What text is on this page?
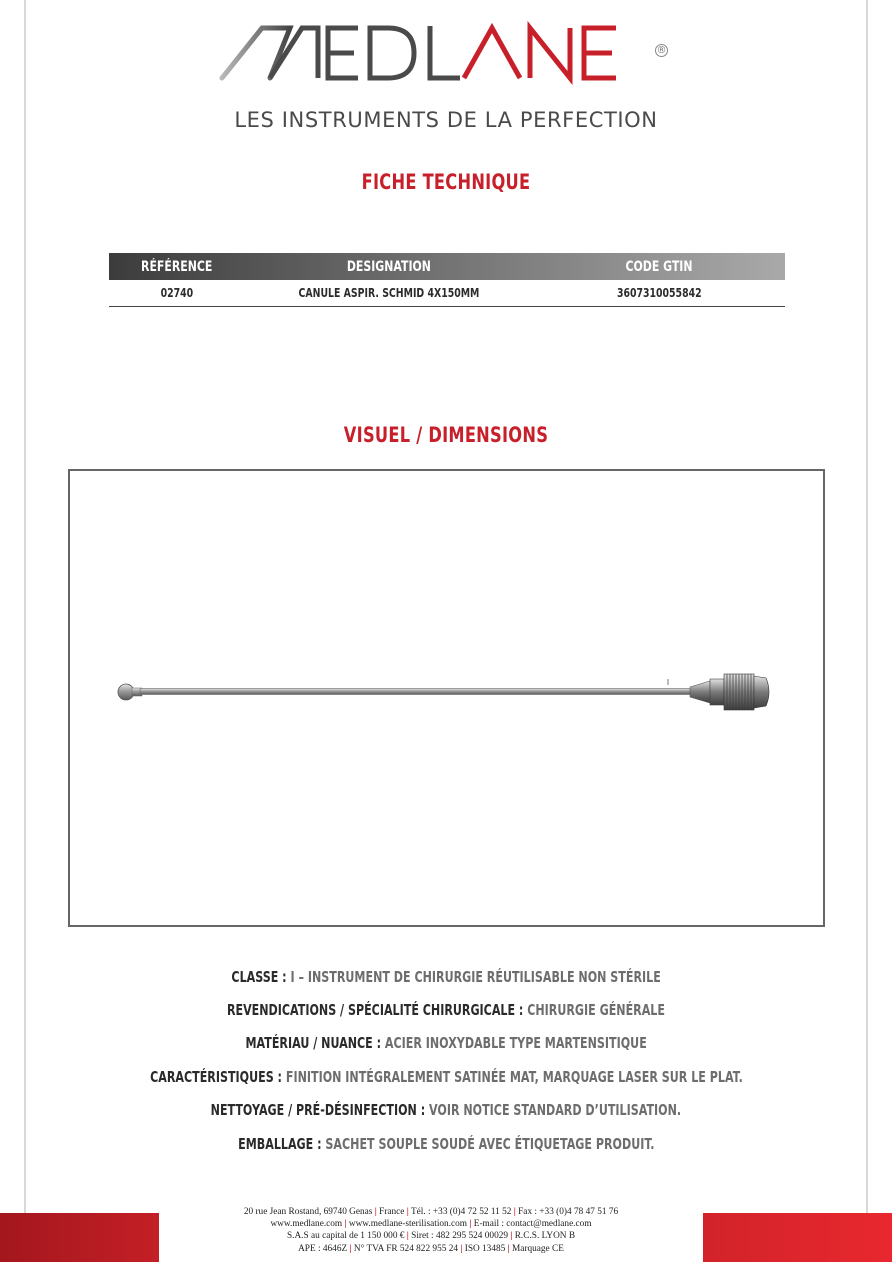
®
LES INSTRUMENTS DE LA PERFECTION
FICHE TECHNIQUE
RÉFÉRENCE	DESIGNATION	CODE GTIN
02740	CANULE ASPIR. SCHMID 4X150MM	3607310055842
VISUEL / DIMENSIONS
CLASSE : I – INSTRUMENT DE CHIRURGIE RÉUTILISABLE NON STÉRILE
REVENDICATIONS / SPÉCIALITÉ CHIRURGICALE : CHIRURGIE GÉNÉRALE
MATÉRIAU / NUANCE : ACIER INOXYDABLE TYPE MARTENSITIQUE
CARACTÉRISTIQUES : FINITION INTÉGRALEMENT SATINÉE MAT, MARQUAGE LASER SUR LE PLAT.
NETTOYAGE / PRÉ-DÉSINFECTION : VOIR NOTICE STANDARD D’UTILISATION.
EMBALLAGE : SACHET SOUPLE SOUDÉ AVEC ÉTIQUETAGE PRODUIT.
20 rue Jean Rostand, 69740 Genas | France | Tél. : +33 (0)4 72 52 11 52 | Fax : +33 (0)4 78 47 51 76
www.medlane.com | www.medlane-sterilisation.com | E-mail : contact@medlane.com
S.A.S au capital de 1 150 000 € | Siret : 482 295 524 00029 | R.C.S. LYON B
APE : 4646Z | N° TVA FR 524 822 955 24 | ISO 13485 | Marquage CE
